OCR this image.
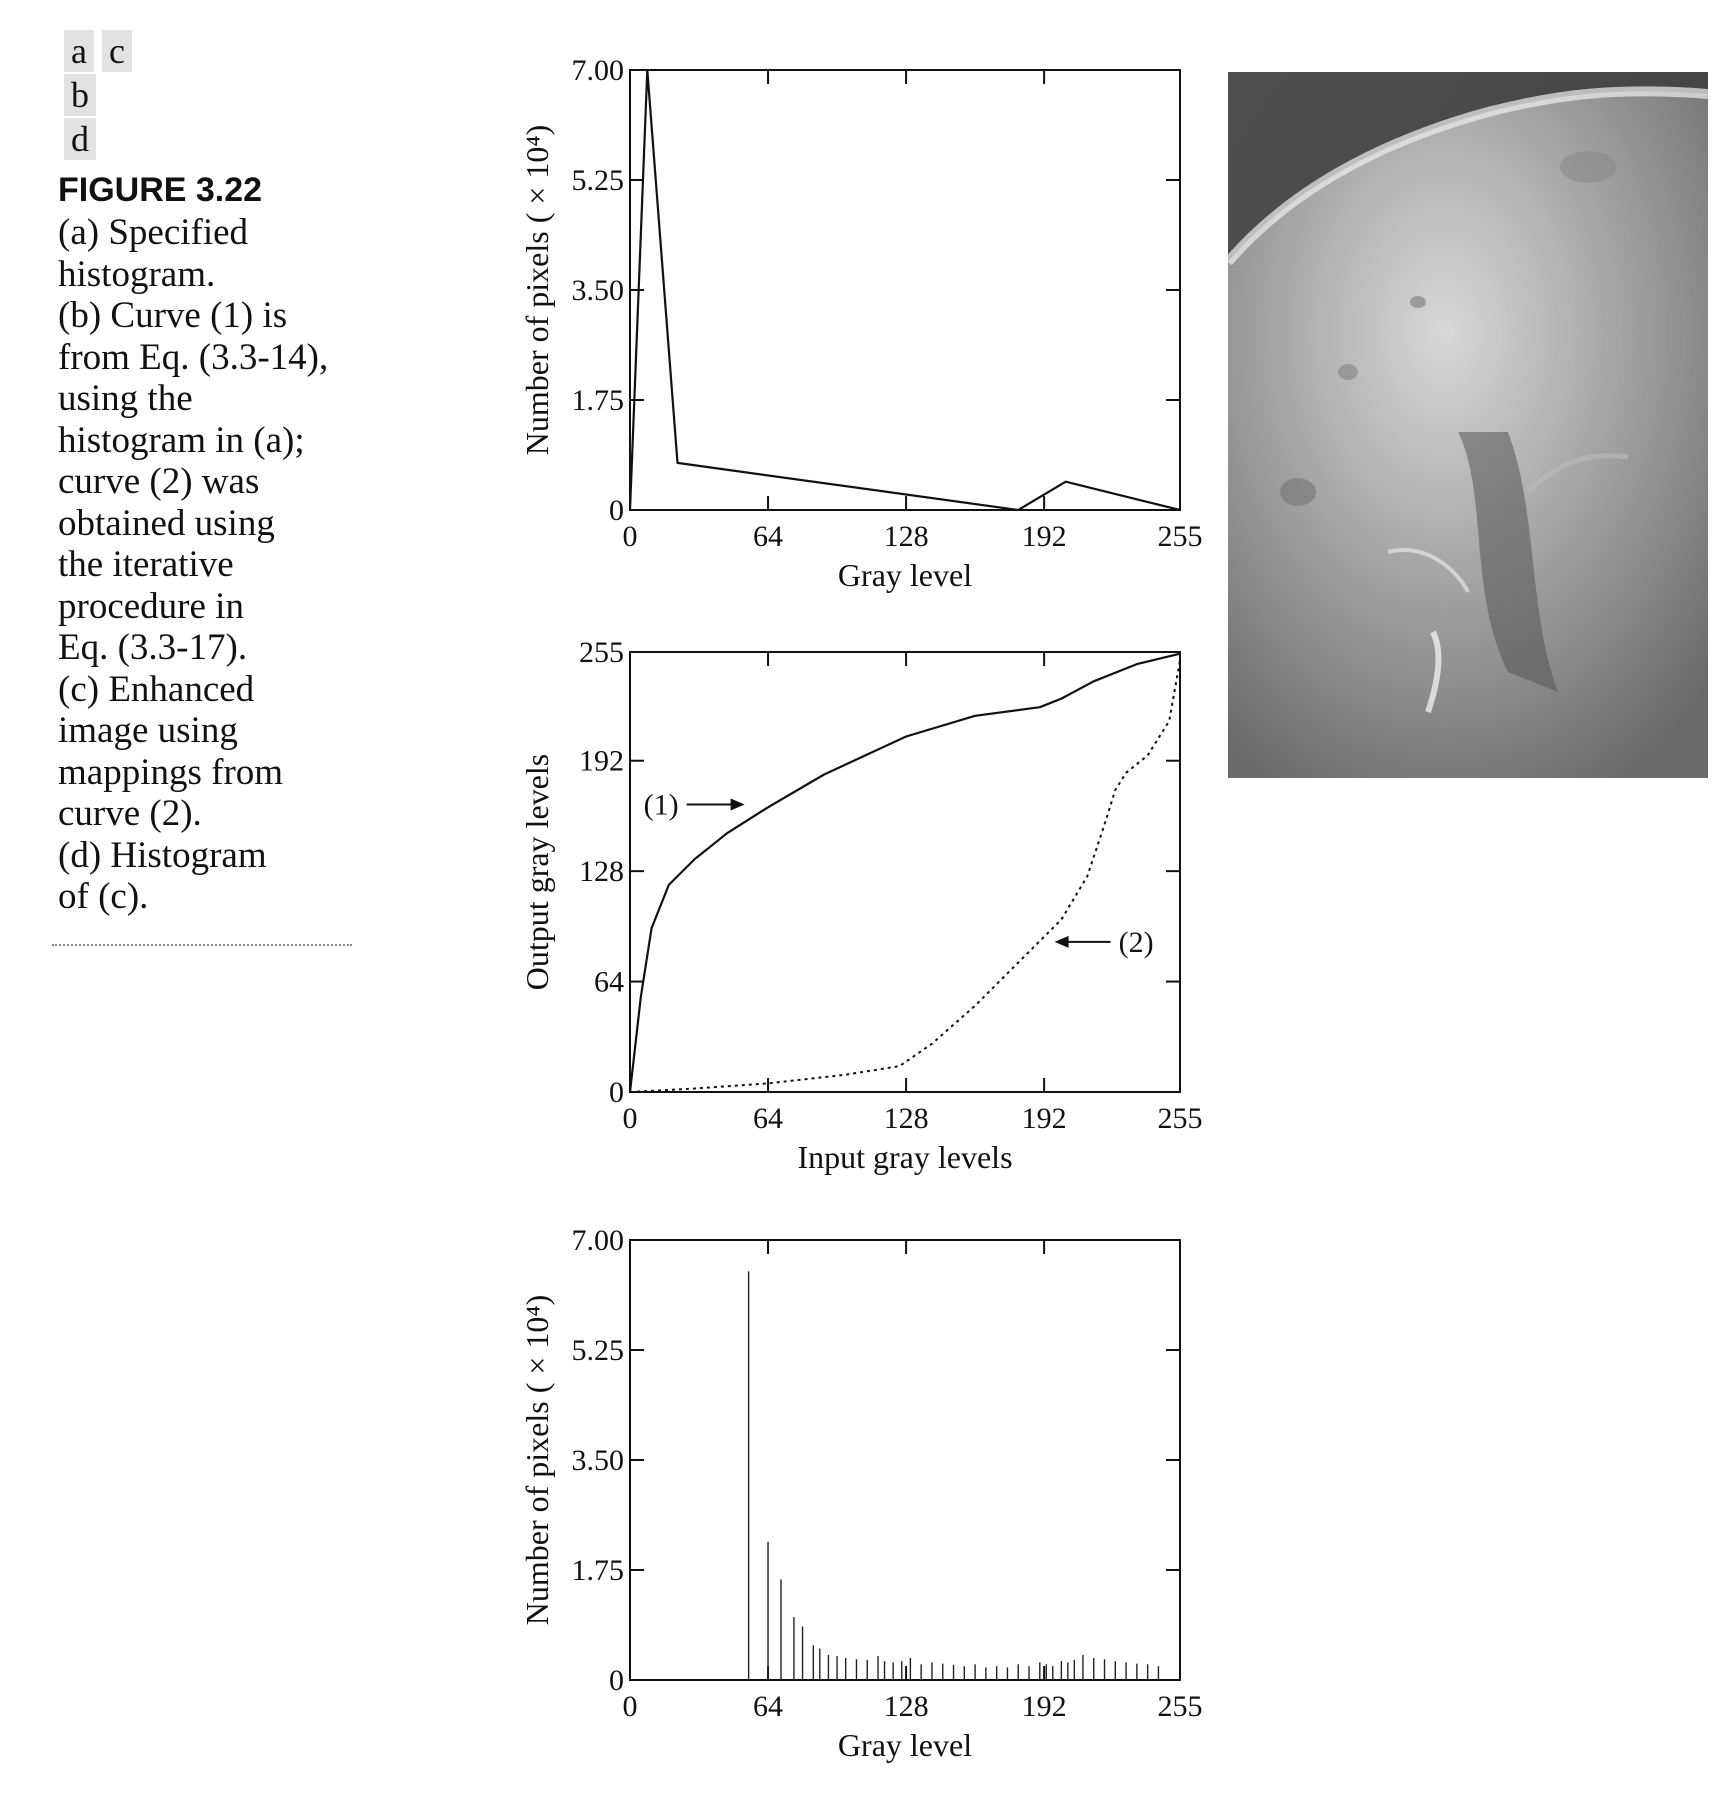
a c
b
d
FIGURE 3.22
(a) Specified
histogram.
(b) Curve (1) is
from Eq. (3.3-14),
using the
histogram in (a);
curve (2) was
obtained using
the iterative
procedure in
Eq. (3.3-17).
(c) Enhanced
image using
mappings from
curve (2).
(d) Histogram
of (c).
0	64	128	192	255
0
1.75
3.50
5.25
7.00
Gray level
Number of pixels ( × 10⁴)
0	64	128	192	255
0
64
128
192
255
Input gray levels
Output gray levels	(1)
(2)
0	64	128	192	255
0
1.75
3.50
5.25
7.00
Gray level
Number of pixels ( × 10⁴)
